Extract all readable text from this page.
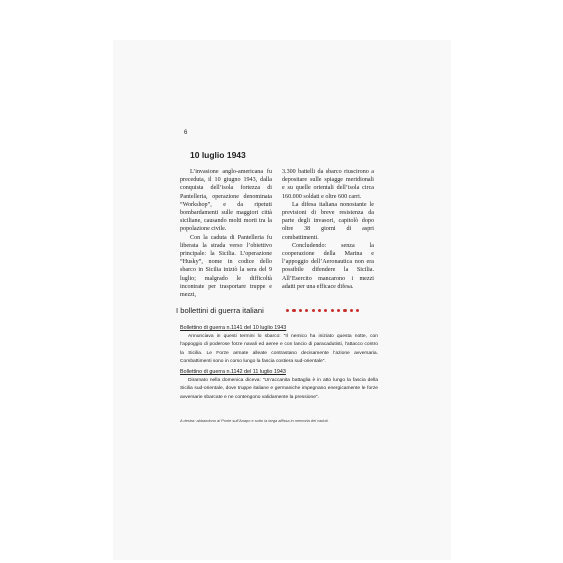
6
10 luglio 1943

L’invasione anglo-americana fu preceduta, il 10 giugno 1943, dalla conquista dell’isola fortezza di Pantelleria, operazione denominata “Workshop”, e da ripetuti bombardamenti sulle maggiori città siciliane, causando molti morti tra la popolazione civile.

Con la caduta di Pantelleria fu liberata la strada verso l’obiettivo principale: la Sicilia. L’operazione “Husky”, nome in codice dello sbarco in Sicilia iniziò la sera del 9 luglio; malgrado le difficoltà incontrate per trasportare truppe e mezzi,

3.300 battelli da sbarco riuscirono a depositare sulle spiagge meridionali e su quelle orientali dell’isola circa 160.000 soldati e oltre 600 carri.

La difesa italiana nonostante le previsioni di breve resistenza da parte degli invasori, capitolò dopo oltre 38 giorni di aspri combattimenti.

Concludendo: senza la cooperazione della Marina e l’appoggio dell’Aeronautica non era possibile difendere la Sicilia. All’Esercito mancarono i mezzi adatti per una efficace difesa.

I bollettini di guerra italiani
Bollettino di guerra n.1141 del 10 luglio 1943
Annunciava in questi termini lo sbarco: “Il nemico ha iniziato questa notte, con l’appoggio di poderose forze navali ed aeree e con lancio di paracadutisti, l’attacco contro la Sicilia. Le Forze armate alleate contrastano decisamente l’azione avversaria. Combattimenti sono in corso lungo la fascia costiera sud-orientale”.
Bollettino di guerra n.1142 del 11 luglio 1943
Diramato nella domenica diceva: “Un’accanita battaglia è in atto lungo la fascia della Sicilia sud-orientale, dove truppe italiane e germaniche impegnano energicamente le forze avversarie sbarcate e ne contengono validamente la pressione”.
A destra: abbandono al Ponte sull’Anapo e sotto la targa affissa in memoria dei caduti.
